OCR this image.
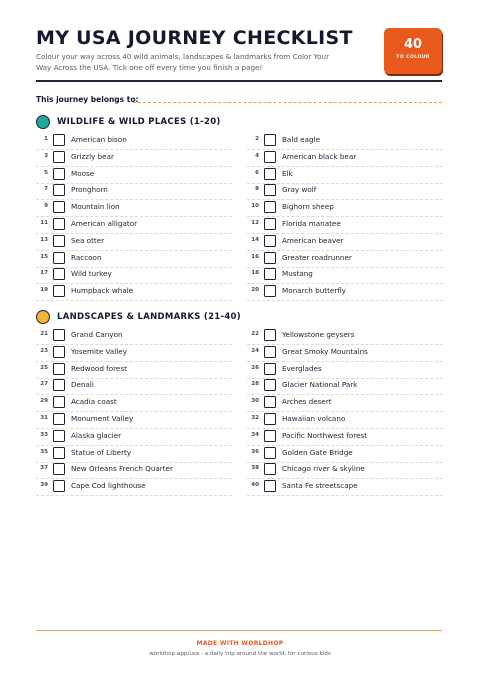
MY USA JOURNEY CHECKLIST
Colour your way across 40 wild animals, landscapes & landmarks from Color Your Way Across the USA. Tick one off every time you finish a page!
40
TO COLOUR
This journey belongs to:
WILDLIFE & WILD PLACES (1-20)
1	American bison	2	Bald eagle
3	Grizzly bear	4	American black bear
5	Moose	6	Elk
7	Pronghorn	8	Gray wolf
9	Mountain lion	10	Bighorn sheep
11	American alligator	12	Florida manatee
13	Sea otter	14	American beaver
15	Raccoon	16	Greater roadrunner
17	Wild turkey	18	Mustang
19	Humpback whale	20	Monarch butterfly
LANDSCAPES & LANDMARKS (21-40)
21	Grand Canyon	22	Yellowstone geysers
23	Yosemite Valley	24	Great Smoky Mountains
25	Redwood forest	26	Everglades
27	Denali	28	Glacier National Park
29	Acadia coast	30	Arches desert
31	Monument Valley	32	Hawaiian volcano
33	Alaska glacier	34	Pacific Northwest forest
35	Statue of Liberty	36	Golden Gate Bridge
37	New Orleans French Quarter	38	Chicago river & skyline
39	Cape Cod lighthouse	40	Santa Fe streetscape
MADE WITH WORLDHOP
worldhop.app/usa - a daily trip around the world, for curious kids
